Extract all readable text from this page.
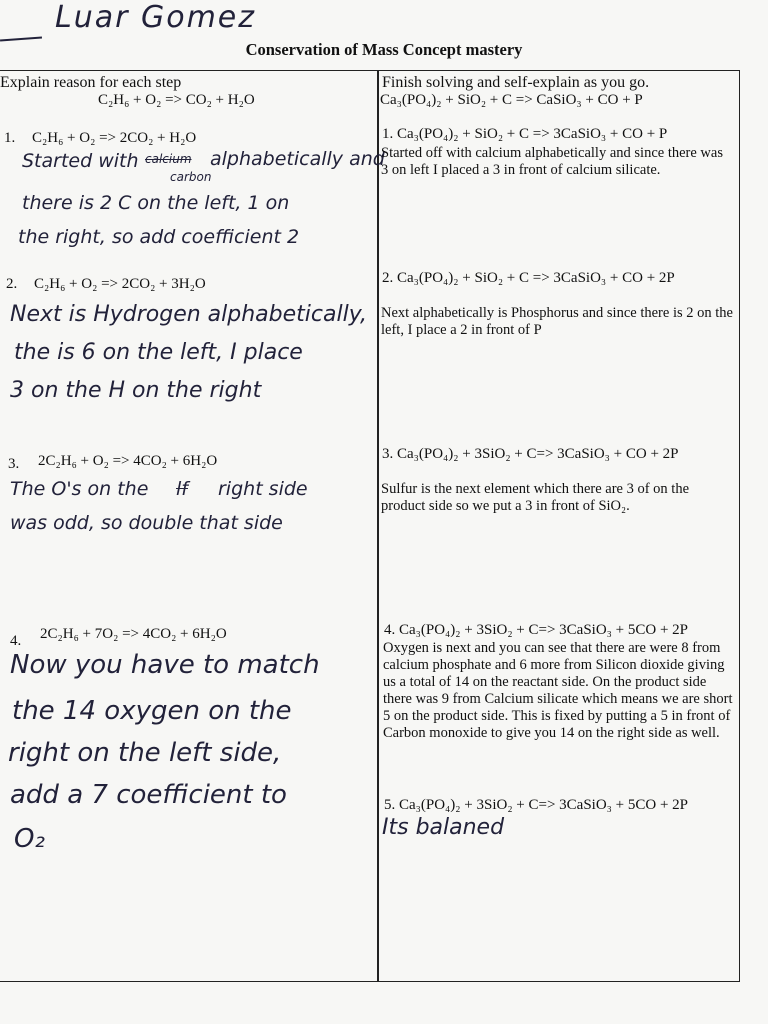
Luar Gomez
Conservation of Mass Concept mastery
Explain reason for each step
C₂H₆ + O₂ => CO₂ + H₂O
1. C₂H₆ + O₂ => 2CO₂ + H₂O
Started with calcium
carbon
alphabetically and
there is 2 C on the left, 1 on
the right, so add coefficient 2
2. C₂H₆ + O₂ => 2CO₂ + 3H₂O
Next is Hydrogen alphabetically,
the is 6 on the left, I place
3 on the H on the right
3. 2C₂H₆ + O₂ => 4CO₂ + 6H₂O
The O's on the lf right side
was odd, so double that side
4. 2C₂H₆ + 7O₂ => 4CO₂ + 6H₂O
Now you have to match
the 14 oxygen on the
right on the left side,
add a 7 coefficient to
O₂
Finish solving and self-explain as you go.
Ca₃(PO₄)₂ + SiO₂ + C => CaSiO₃ + CO + P
1. Ca₃(PO₄)₂ + SiO₂ + C => 3CaSiO₃ + CO + P
Started off with calcium alphabetically and since there was 3 on left I placed a 3 in front of calcium silicate.
2. Ca₃(PO₄)₂ + SiO₂ + C => 3CaSiO₃ + CO + 2P
Next alphabetically is Phosphorus and since there is 2 on the left, I place a 2 in front of P
3. Ca₃(PO₄)₂ + 3SiO₂ + C=> 3CaSiO₃ + CO + 2P
Sulfur is the next element which there are 3 of on the product side so we put a 3 in front of SiO₂.
4. Ca₃(PO₄)₂ + 3SiO₂ + C=> 3CaSiO₃ + 5CO + 2P
Oxygen is next and you can see that there are were 8 from calcium phosphate and 6 more from Silicon dioxide giving us a total of 14 on the reactant side. On the product side there was 9 from Calcium silicate which means we are short 5 on the product side. This is fixed by putting a 5 in front of Carbon monoxide to give you 14 on the right side as well.
5. Ca₃(PO₄)₂ + 3SiO₂ + C=> 3CaSiO₃ + 5CO + 2P
Its balaned
